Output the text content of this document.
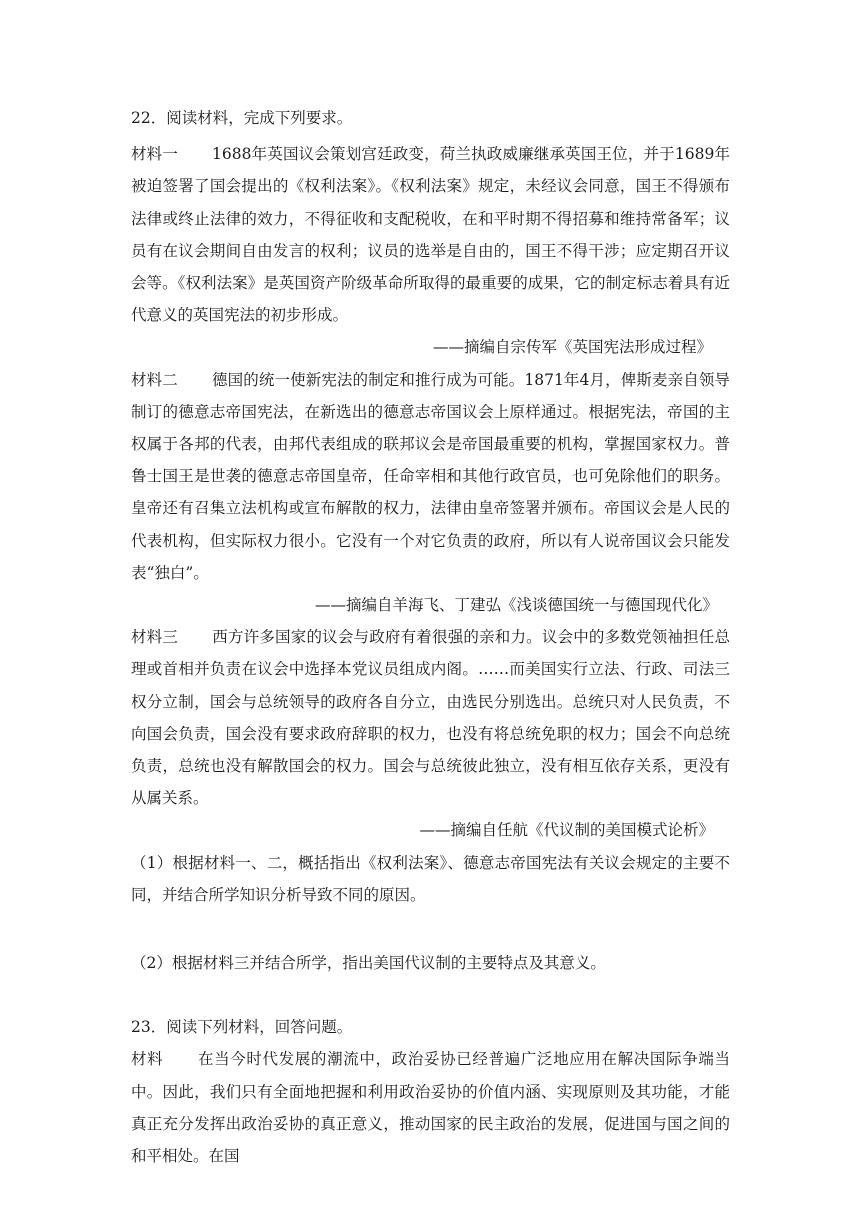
22．阅读材料，完成下列要求。

材料一 1688年英国议会策划宫廷政变，荷兰执政威廉继承英国王位，并于1689年被迫签署了国会提出的《权利法案》。《权利法案》规定，未经议会同意，国王不得颁布法律或终止法律的效力，不得征收和支配税收，在和平时期不得招募和维持常备军；议员有在议会期间自由发言的权利；议员的选举是自由的，国王不得干涉；应定期召开议会等。《权利法案》是英国资产阶级革命所取得的最重要的成果，它的制定标志着具有近代意义的英国宪法的初步形成。

——摘编自宗传军《英国宪法形成过程》

材料二 德国的统一使新宪法的制定和推行成为可能。1871年4月，俾斯麦亲自领导制订的德意志帝国宪法，在新选出的德意志帝国议会上原样通过。根据宪法，帝国的主权属于各邦的代表，由邦代表组成的联邦议会是帝国最重要的机构，掌握国家权力。普鲁士国王是世袭的德意志帝国皇帝，任命宰相和其他行政官员，也可免除他们的职务。皇帝还有召集立法机构或宣布解散的权力，法律由皇帝签署并颁布。帝国议会是人民的代表机构，但实际权力很小。它没有一个对它负责的政府，所以有人说帝国议会只能发表“独白”。

——摘编自羊海飞、丁建弘《浅谈德国统一与德国现代化》

材料三 西方许多国家的议会与政府有着很强的亲和力。议会中的多数党领袖担任总理或首相并负责在议会中选择本党议员组成内阁。……而美国实行立法、行政、司法三权分立制，国会与总统领导的政府各自分立，由选民分别选出。总统只对人民负责，不向国会负责，国会没有要求政府辞职的权力，也没有将总统免职的权力；国会不向总统负责，总统也没有解散国会的权力。国会与总统彼此独立，没有相互依存关系，更没有从属关系。

——摘编自任航《代议制的美国模式论析》

（1）根据材料一、二，概括指出《权利法案》、德意志帝国宪法有关议会规定的主要不同，并结合所学知识分析导致不同的原因。

（2）根据材料三并结合所学，指出美国代议制的主要特点及其意义。

23．阅读下列材料，回答问题。

材料 在当今时代发展的潮流中，政治妥协已经普遍广泛地应用在解决国际争端当中。因此，我们只有全面地把握和利用政治妥协的价值内涵、实现原则及其功能，才能真正充分发挥出政治妥协的真正意义，推动国家的民主政治的发展，促进国与国之间的和平相处。在国
